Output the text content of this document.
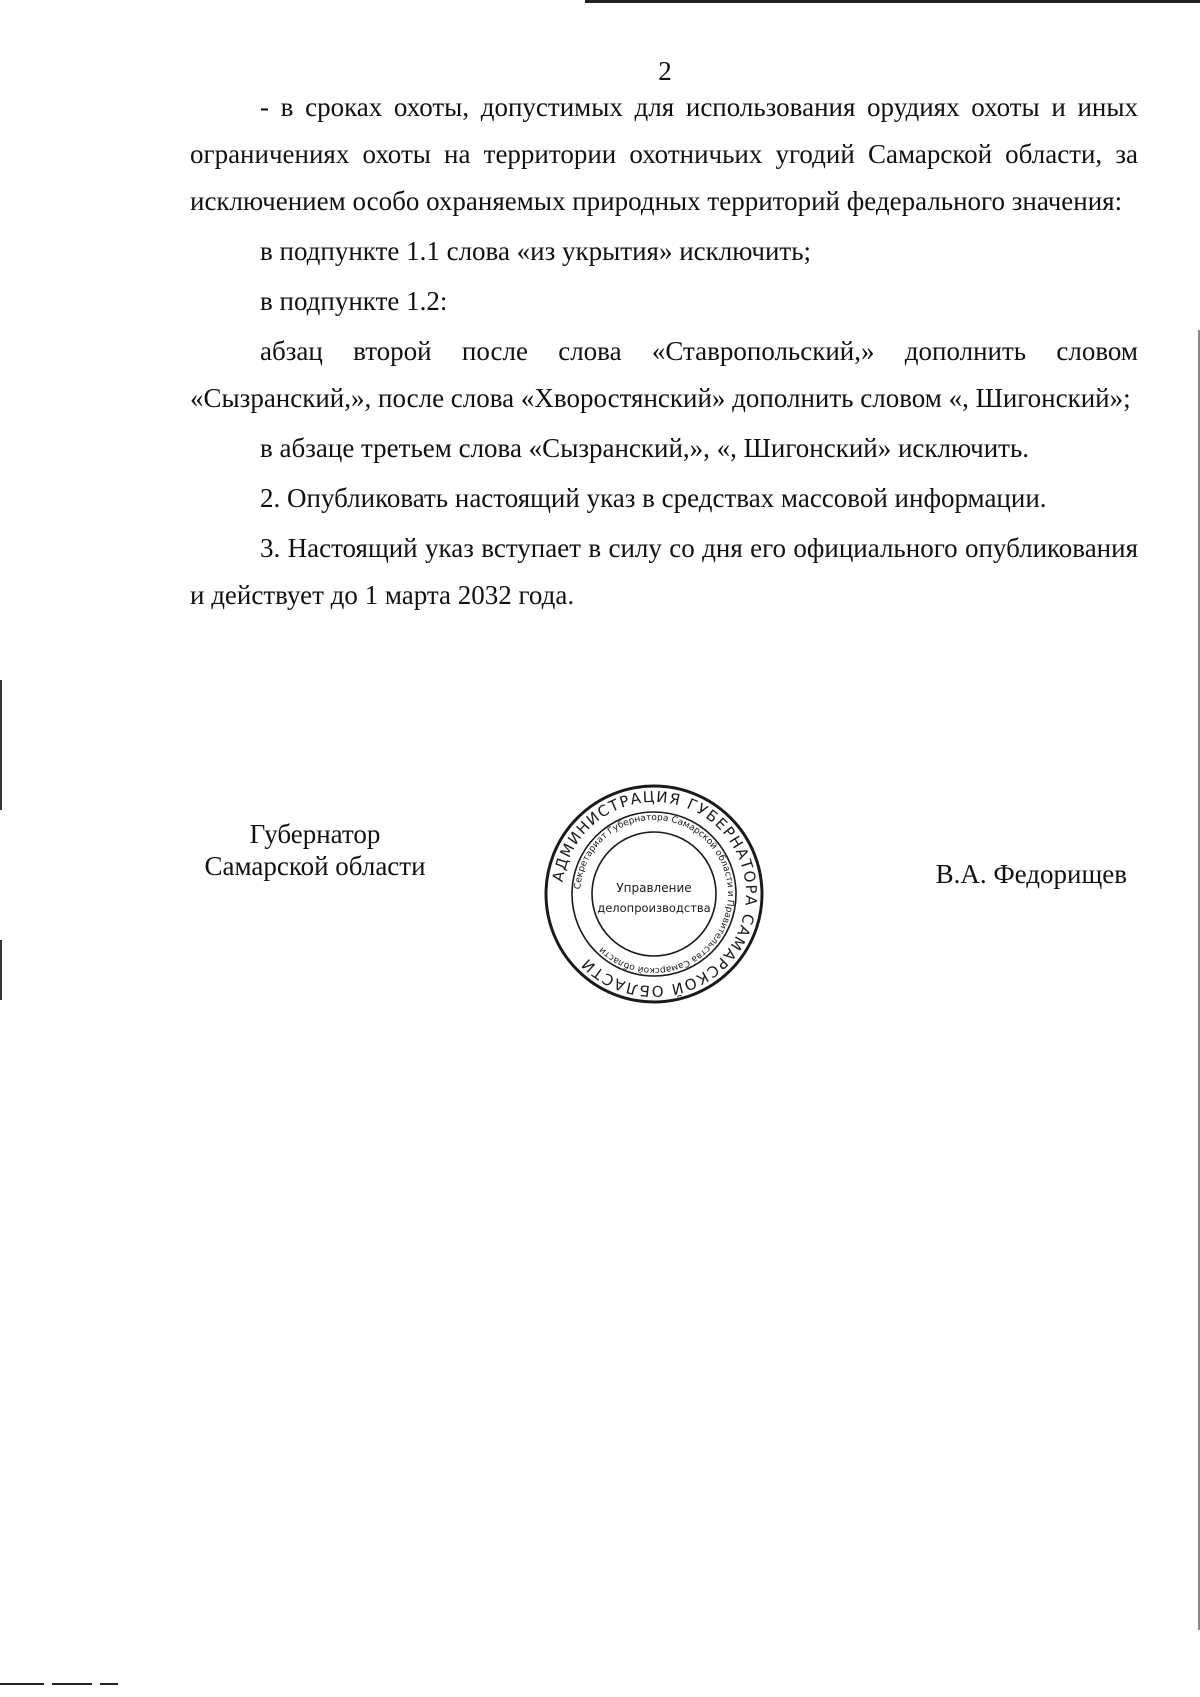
2

- в сроках охоты, допустимых для использования орудиях охоты и иных ограничениях охоты на территории охотничьих угодий Самарской области, за исключением особо охраняемых природных территорий федерального значения:

в подпункте 1.1 слова «из укрытия» исключить;

в подпункте 1.2:

абзац второй после слова «Ставропольский,» дополнить словом «Сызранский,», после слова «Хворостянский» дополнить словом «, Шигонский»;

в абзаце третьем слова «Сызранский,», «, Шигонский» исключить.

2. Опубликовать настоящий указ в средствах массовой информации.

3. Настоящий указ вступает в силу со дня его официального опубликования и действует до 1 марта 2032 года.

Губернатор
Самарской области	АДМИНИСТРАЦИЯ ГУБЕРНАТОРА САМАРСКОЙ ОБЛАСТИ
Секретариат Губернатора Самарской области и Правительства Самарской области
Управление
делопроизводства
В.А. Федорищев
